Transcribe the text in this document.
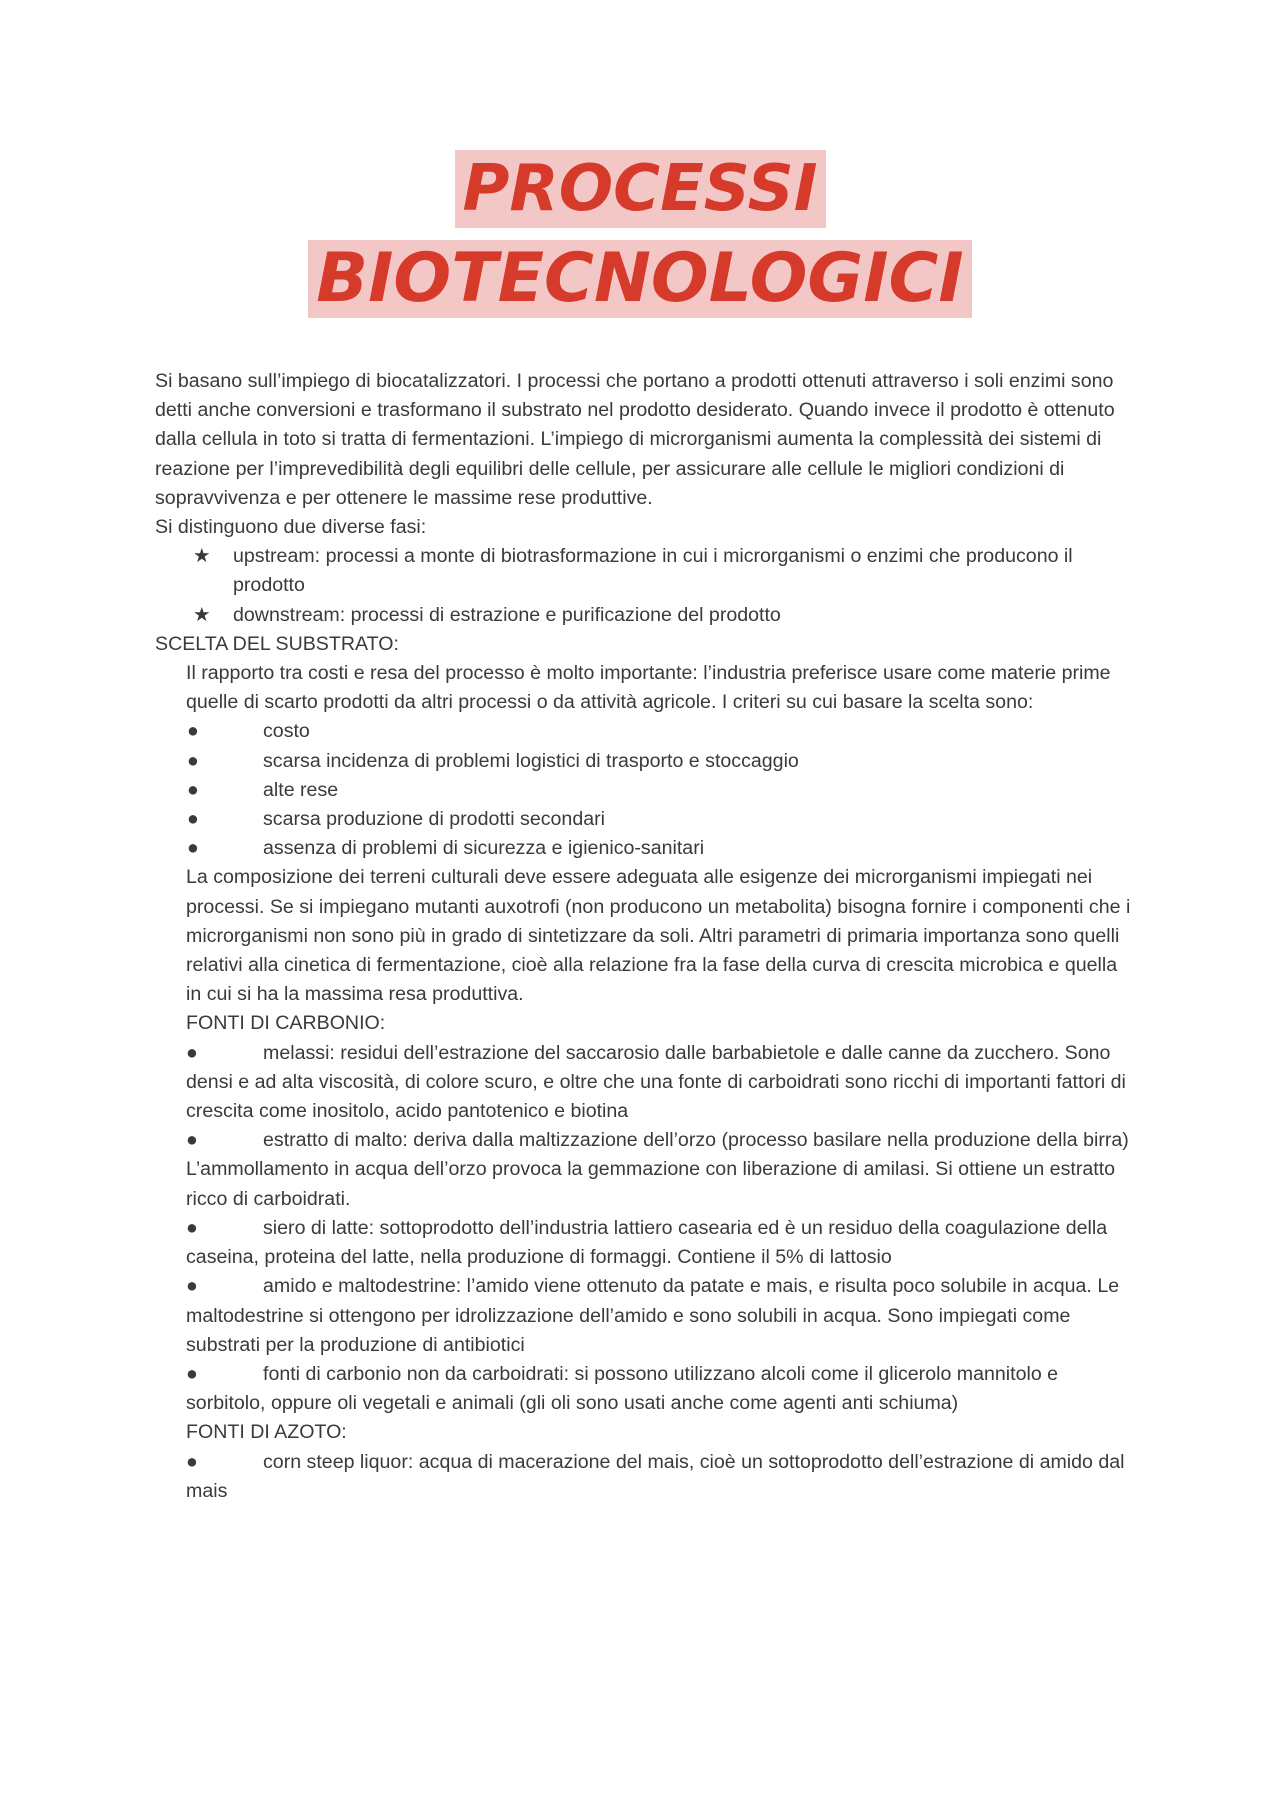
PROCESSI
BIOTECNOLOGICI

Si basano sull’impiego di biocatalizzatori. I processi che portano a prodotti ottenuti attraverso i soli enzimi sono detti anche conversioni e trasformano il substrato nel prodotto desiderato. Quando invece il prodotto è ottenuto dalla cellula in toto si tratta di fermentazioni. L’impiego di microrganismi aumenta la complessità dei sistemi di reazione per l’imprevedibilità degli equilibri delle cellule, per assicurare alle cellule le migliori condizioni di sopravvivenza e per ottenere le massime rese produttive.

Si distinguono due diverse fasi:

★ upstream: processi a monte di biotrasformazione in cui i microrganismi o enzimi che producono il prodotto
★ downstream: processi di estrazione e purificazione del prodotto

SCELTA DEL SUBSTRATO:

Il rapporto tra costi e resa del processo è molto importante: l’industria preferisce usare come materie prime quelle di scarto prodotti da altri processi o da attività agricole. I criteri su cui basare la scelta sono:

●	costo
●	scarsa incidenza di problemi logistici di trasporto e stoccaggio
●	alte rese
●	scarsa produzione di prodotti secondari
●	assenza di problemi di sicurezza e igienico-sanitari

La composizione dei terreni culturali deve essere adeguata alle esigenze dei microrganismi impiegati nei processi. Se si impiegano mutanti auxotrofi (non producono un metabolita) bisogna fornire i componenti che i microrganismi non sono più in grado di sintetizzare da soli. Altri parametri di primaria importanza sono quelli relativi alla cinetica di fermentazione, cioè alla relazione fra la fase della curva di crescita microbica e quella in cui si ha la massima resa produttiva.

FONTI DI CARBONIO:

●	melassi: residui dell’estrazione del saccarosio dalle barbabietole e dalle canne da zucchero. Sono densi e ad alta viscosità, di colore scuro, e oltre che una fonte di carboidrati sono ricchi di importanti fattori di crescita come inositolo, acido pantotenico e biotina

●	estratto di malto: deriva dalla maltizzazione dell’orzo (processo basilare nella produzione della birra) L’ammollamento in acqua dell’orzo provoca la gemmazione con liberazione di amilasi. Si ottiene un estratto ricco di carboidrati.

●	siero di latte: sottoprodotto dell’industria lattiero casearia ed è un residuo della coagulazione della caseina, proteina del latte, nella produzione di formaggi. Contiene il 5% di lattosio

●	amido e maltodestrine: l’amido viene ottenuto da patate e mais, e risulta poco solubile in acqua. Le maltodestrine si ottengono per idrolizzazione dell’amido e sono solubili in acqua. Sono impiegati come substrati per la produzione di antibiotici

●	fonti di carbonio non da carboidrati: si possono utilizzano alcoli come il glicerolo mannitolo e sorbitolo, oppure oli vegetali e animali (gli oli sono usati anche come agenti anti schiuma)

FONTI DI AZOTO:

●	corn steep liquor: acqua di macerazione del mais, cioè un sottoprodotto dell’estrazione di amido dal mais
